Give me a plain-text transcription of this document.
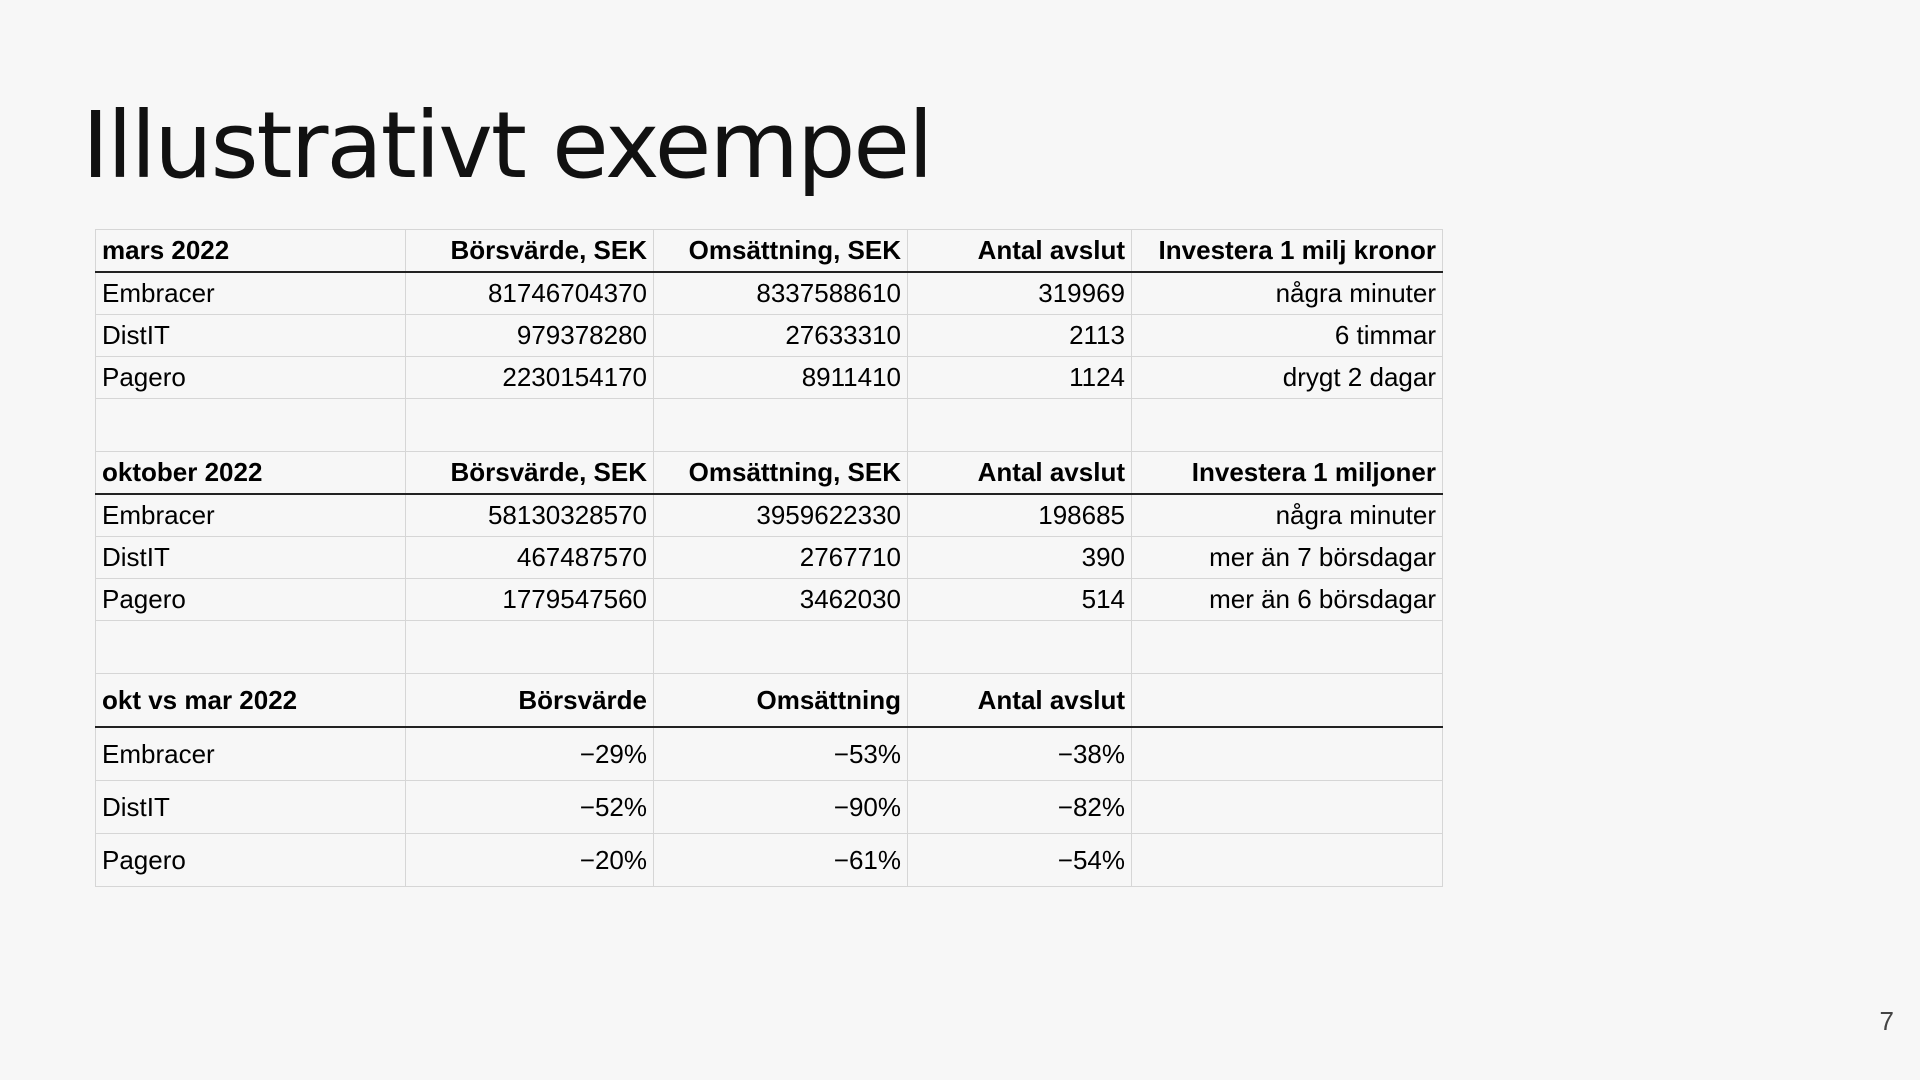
Illustrativt exempel
mars 2022	Börsvärde, SEK	Omsättning, SEK	Antal avslut	Investera 1 milj kronor
Embracer	81746704370	8337588610	319969	några minuter
DistIT	979378280	27633310	2113	6 timmar
Pagero	2230154170	8911410	1124	drygt 2 dagar

oktober 2022	Börsvärde, SEK	Omsättning, SEK	Antal avslut	Investera 1 miljoner
Embracer	58130328570	3959622330	198685	några minuter
DistIT	467487570	2767710	390	mer än 7 börsdagar
Pagero	1779547560	3462030	514	mer än 6 börsdagar

okt vs mar 2022	Börsvärde	Omsättning	Antal avslut	
Embracer	−29%	−53%	−38%	
DistIT	−52%	−90%	−82%	
Pagero	−20%	−61%	−54%	
7
